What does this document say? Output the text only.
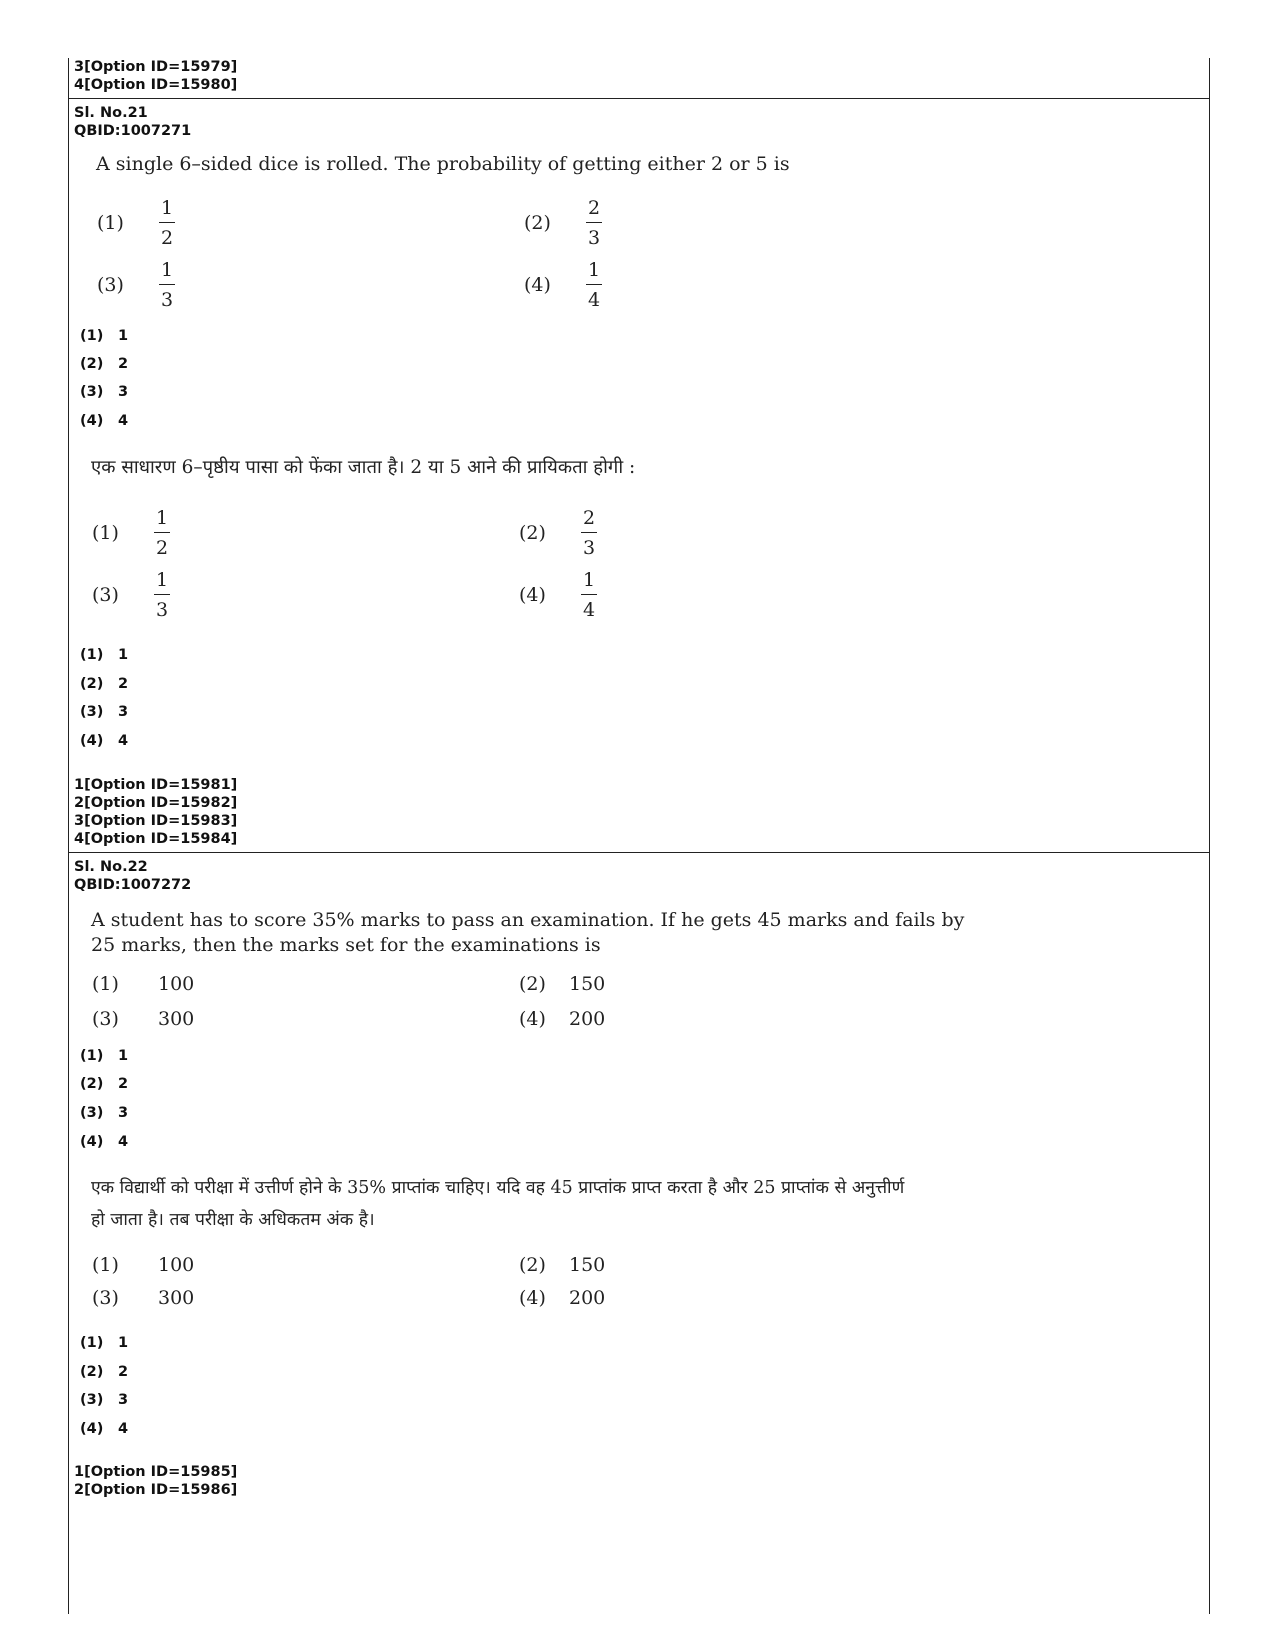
3[Option ID=15979]
4[Option ID=15980]
Sl. No.21
QBID:1007271
A single 6–sided dice is rolled. The probability of getting either 2 or 5 is
(1)	$\frac{1}{2}$	(2)	$\frac{2}{3}$
(3)	$\frac{1}{3}$	(4)	$\frac{1}{4}$
(1) 1
(2) 2
(3) 3
(4) 4
एक साधारण 6–पृष्ठीय पासा को फेंका जाता है। 2 या 5 आने की प्रायिकता होगी :
(1)	$\frac{1}{2}$	(2)	$\frac{2}{3}$
(3)	$\frac{1}{3}$	(4)	$\frac{1}{4}$
(1) 1
(2) 2
(3) 3
(4) 4
1[Option ID=15981]
2[Option ID=15982]
3[Option ID=15983]
4[Option ID=15984]
Sl. No.22
QBID:1007272
A student has to score 35% marks to pass an examination. If he gets 45 marks and fails by
25 marks, then the marks set for the examinations is
(1)	100	(2)	150
(3)	300	(4)	200
(1) 1
(2) 2
(3) 3
(4) 4
एक विद्यार्थी को परीक्षा में उत्तीर्ण होने के 35% प्राप्तांक चाहिए। यदि वह 45 प्राप्तांक प्राप्त करता है और 25 प्राप्तांक से अनुत्तीर्ण
हो जाता है। तब परीक्षा के अधिकतम अंक है।
(1)	100	(2)	150
(3)	300	(4)	200
(1) 1
(2) 2
(3) 3
(4) 4
1[Option ID=15985]
2[Option ID=15986]
